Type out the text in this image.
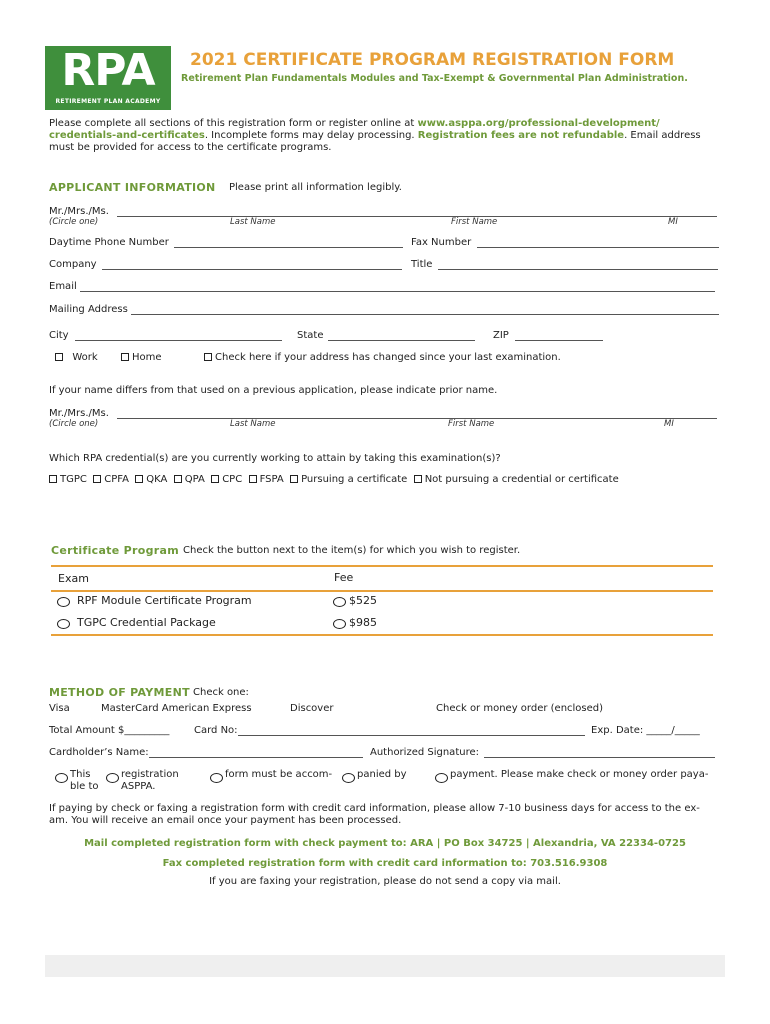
RPA
RETIREMENT PLAN ACADEMY
2021 CERTIFICATE PROGRAM REGISTRATION FORM
Retirement Plan Fundamentals Modules and Tax-Exempt & Governmental Plan Administration.
Please complete all sections of this registration form or register online at www.asppa.org/professional-development/
credentials-and-certificates. Incomplete forms may delay processing. Registration fees are not refundable. Email address
must be provided for access to the certificate programs.
APPLICANT INFORMATION Please print all information legibly.
Mr./Mrs./Ms.
(Circle one)	Last Name	First Name	MI
Daytime Phone Number	Fax Number
Company	Title
Email
Mailing Address
City	State	ZIP
Work	Home	Check here if your address has changed since your last examination.
If your name differs from that used on a previous application, please indicate prior name.
Mr./Mrs./Ms.
(Circle one)	Last Name	First Name	MI
Which RPA credential(s) are you currently working to attain by taking this examination(s)?
TGPC CPFA QKA QPA CPC FSPA Pursuing a certificate Not pursuing a credential or certificate
Certificate Program Check the button next to the item(s) for which you wish to register.
Exam	Fee
RPF Module Certificate Program	$525
TGPC Credential Package	$985
METHOD OF PAYMENT Check one:
Visa	MasterCard American Express	Discover	Check or money order (enclosed)
Total Amount $_________ Card No:	Exp. Date: _____/_____
Cardholder’s Name:	Authorized Signature:
This
ble to
registration
ASPPA.
form must be accom- panied by	payment. Please make check or money order paya-
If paying by check or faxing a registration form with credit card information, please allow 7-10 business days for access to the ex-
am. You will receive an email once your payment has been processed.
Mail completed registration form with check payment to: ARA | PO Box 34725 | Alexandria, VA 22334-0725
Fax completed registration form with credit card information to: 703.516.9308
If you are faxing your registration, please do not send a copy via mail.
